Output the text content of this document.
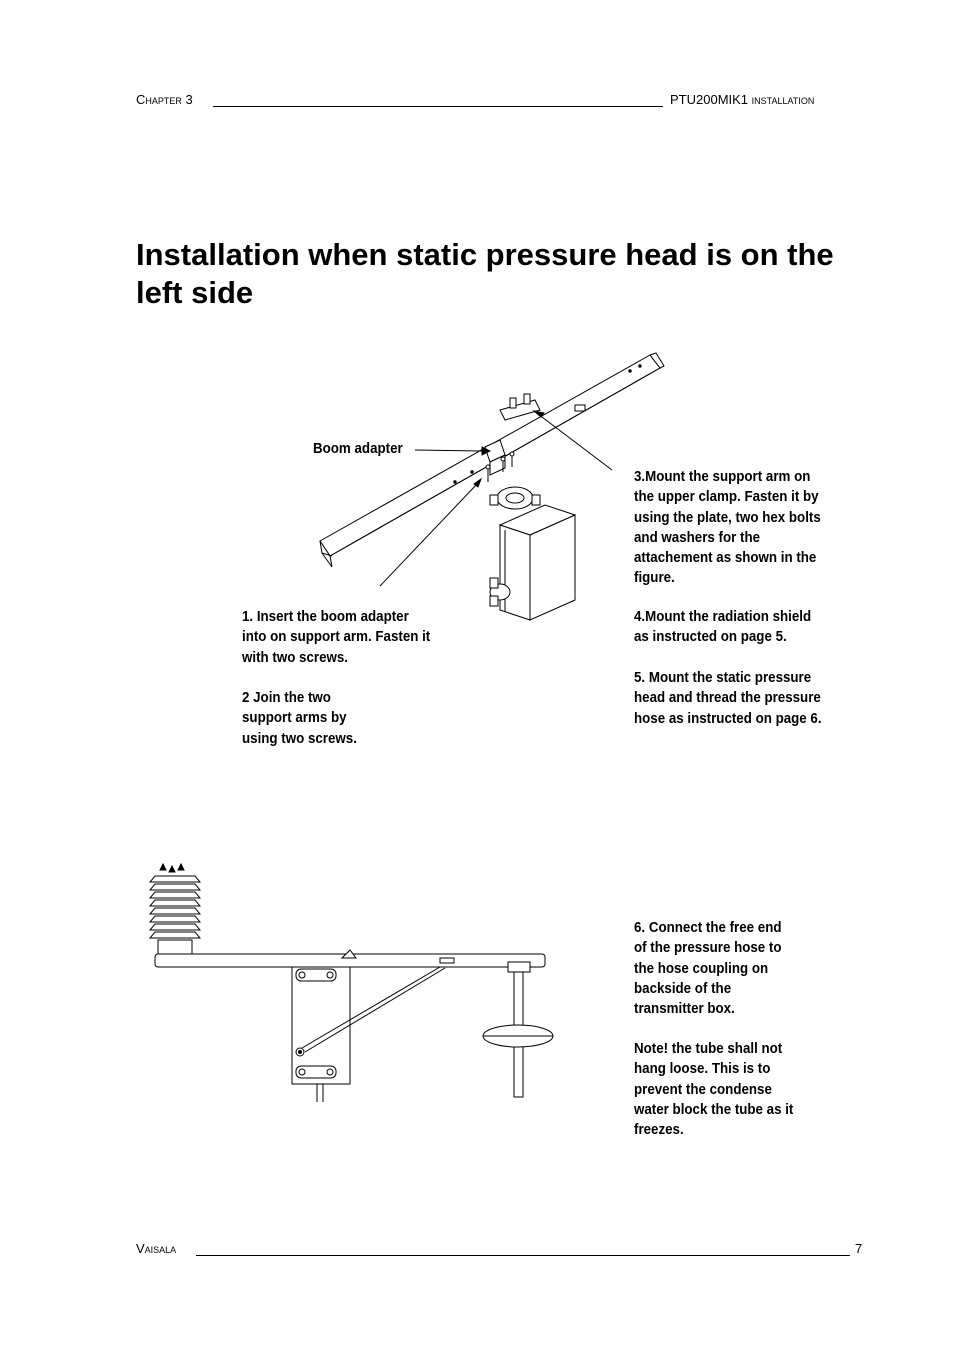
Chapter 3	PTU200MIK1 installation
Installation when static pressure head is on the left side
Boom adapter
1. Insert the boom adapter
into on support arm. Fasten it
with two screws.
2 Join the two
support arms by
using two screws.
3.Mount the support arm on
the upper clamp. Fasten it by
using the plate, two hex bolts
and washers for the
attachement as shown in the
figure.
4.Mount the radiation shield
as instructed on page 5.
5. Mount the static pressure
head and thread the pressure
hose as instructed on page 6.
6. Connect the free end
of the pressure hose to
the hose coupling on
backside of the
transmitter box.
Note! the tube shall not
hang loose. This is to
prevent the condense
water block the tube as it
freezes.
Vaisala	7
